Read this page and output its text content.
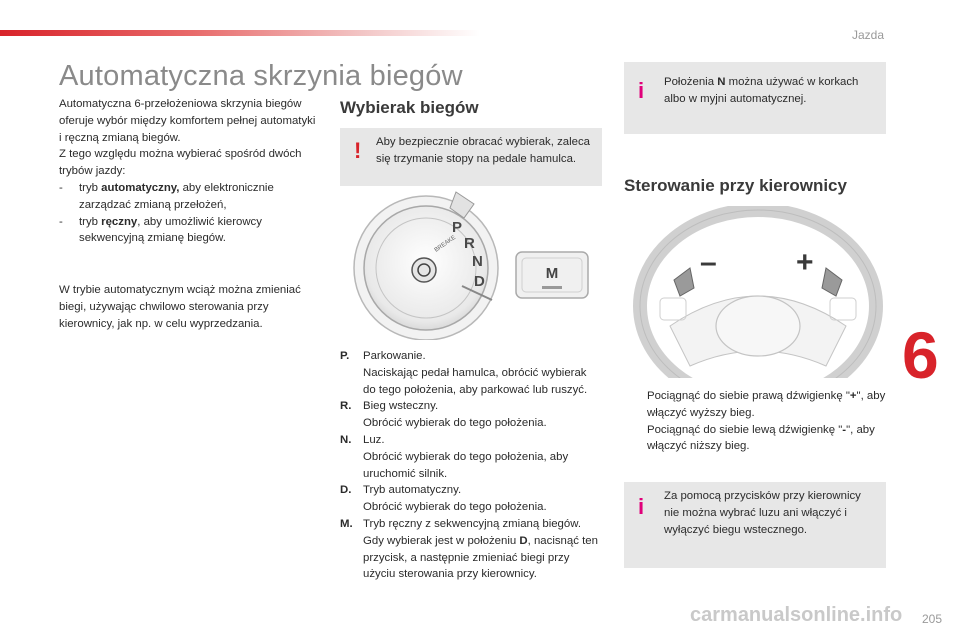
Jazda
6
Automatyczna skrzynia biegów

Automatyczna 6-przełożeniowa skrzynia biegów oferuje wybór między komfortem pełnej automatyki i ręczną zmianą biegów.

Z tego względu można wybierać spośród dwóch trybów jazdy:

-	tryb automatyczny, aby elektronicznie zarządzać zmianą przełożeń,
-	tryb ręczny, aby umożliwić kierowcy sekwencyjną zmianę biegów.

W trybie automatycznym wciąż można zmieniać biegi, używając chwilowo sterowania przy kierownicy, jak np. w celu wyprzedzania.

Wybierak biegów
! Aby bezpiecznie obracać wybierak, zaleca się trzymanie stopy na pedale hamulca.
P
R
N
D
BREAKE
M
P.	Parkowanie.
Naciskając pedał hamulca, obrócić wybierak do tego położenia, aby parkować lub ruszyć.
R.	Bieg wsteczny.
Obrócić wybierak do tego położenia.
N.	Luz.
Obrócić wybierak do tego położenia, aby uruchomić silnik.
D.	Tryb automatyczny.
Obrócić wybierak do tego położenia.
M. Tryb ręczny z sekwencyjną zmianą biegów.
Gdy wybierak jest w położeniu D, nacisnąć ten przycisk, a następnie zmieniać biegi przy użyciu sterowania przy kierownicy.
i Położenia N można używać w korkach albo w myjni automatycznej.
Sterowanie przy kierownicy
–	+
Pociągnąć do siebie prawą dźwigienkę "+", aby włączyć wyższy bieg.
Pociągnąć do siebie lewą dźwigienkę "-", aby włączyć niższy bieg.
i Za pomocą przycisków przy kierownicy nie można wybrać luzu ani włączyć i wyłączyć biegu wstecznego.
205
carmanualsonline.info
